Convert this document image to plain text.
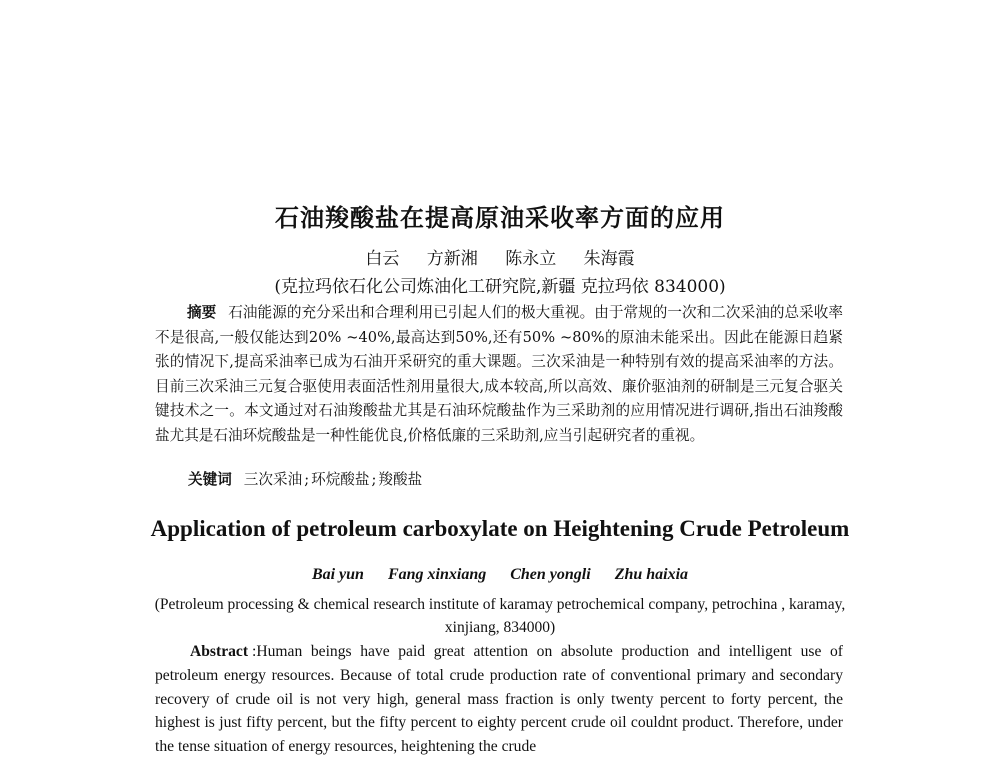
石油羧酸盐在提高原油采收率方面的应用
白云 方新湘 陈永立 朱海霞
(克拉玛依石化公司炼油化工研究院,新疆 克拉玛依 834000)

摘要 石油能源的充分采出和合理利用已引起人们的极大重视。由于常规的一次和二次采油的总采收率不是很高,一般仅能达到20% ~40%,最高达到50%,还有50% ~80%的原油未能采出。因此在能源日趋紧张的情况下,提高采油率已成为石油开采研究的重大课题。三次采油是一种特别有效的提高采油率的方法。目前三次采油三元复合驱使用表面活性剂用量很大,成本较高,所以高效、廉价驱油剂的研制是三元复合驱关键技术之一。本文通过对石油羧酸盐尤其是石油环烷酸盐作为三采助剂的应用情况进行调研,指出石油羧酸盐尤其是石油环烷酸盐是一种性能优良,价格低廉的三采助剂,应当引起研究者的重视。

关键词 三次采油 ; 环烷酸盐 ; 羧酸盐
Application of petroleum carboxylate on Heightening Crude Petroleum
Bai yun Fang xinxiang Chen yongli Zhu haixia
(Petroleum processing & chemical research institute of karamay petrochemical company, petrochina , karamay, xinjiang, 834000)

Abstract :Human beings have paid great attention on absolute production and intelligent use of petroleum energy resources. Because of total crude production rate of conventional primary and secondary recovery of crude oil is not very high, general mass fraction is only twenty percent to forty percent, the highest is just fifty percent, but the fifty percent to eighty percent crude oil couldnt product. Therefore, under the tense situation of energy resources, heightening the crude
